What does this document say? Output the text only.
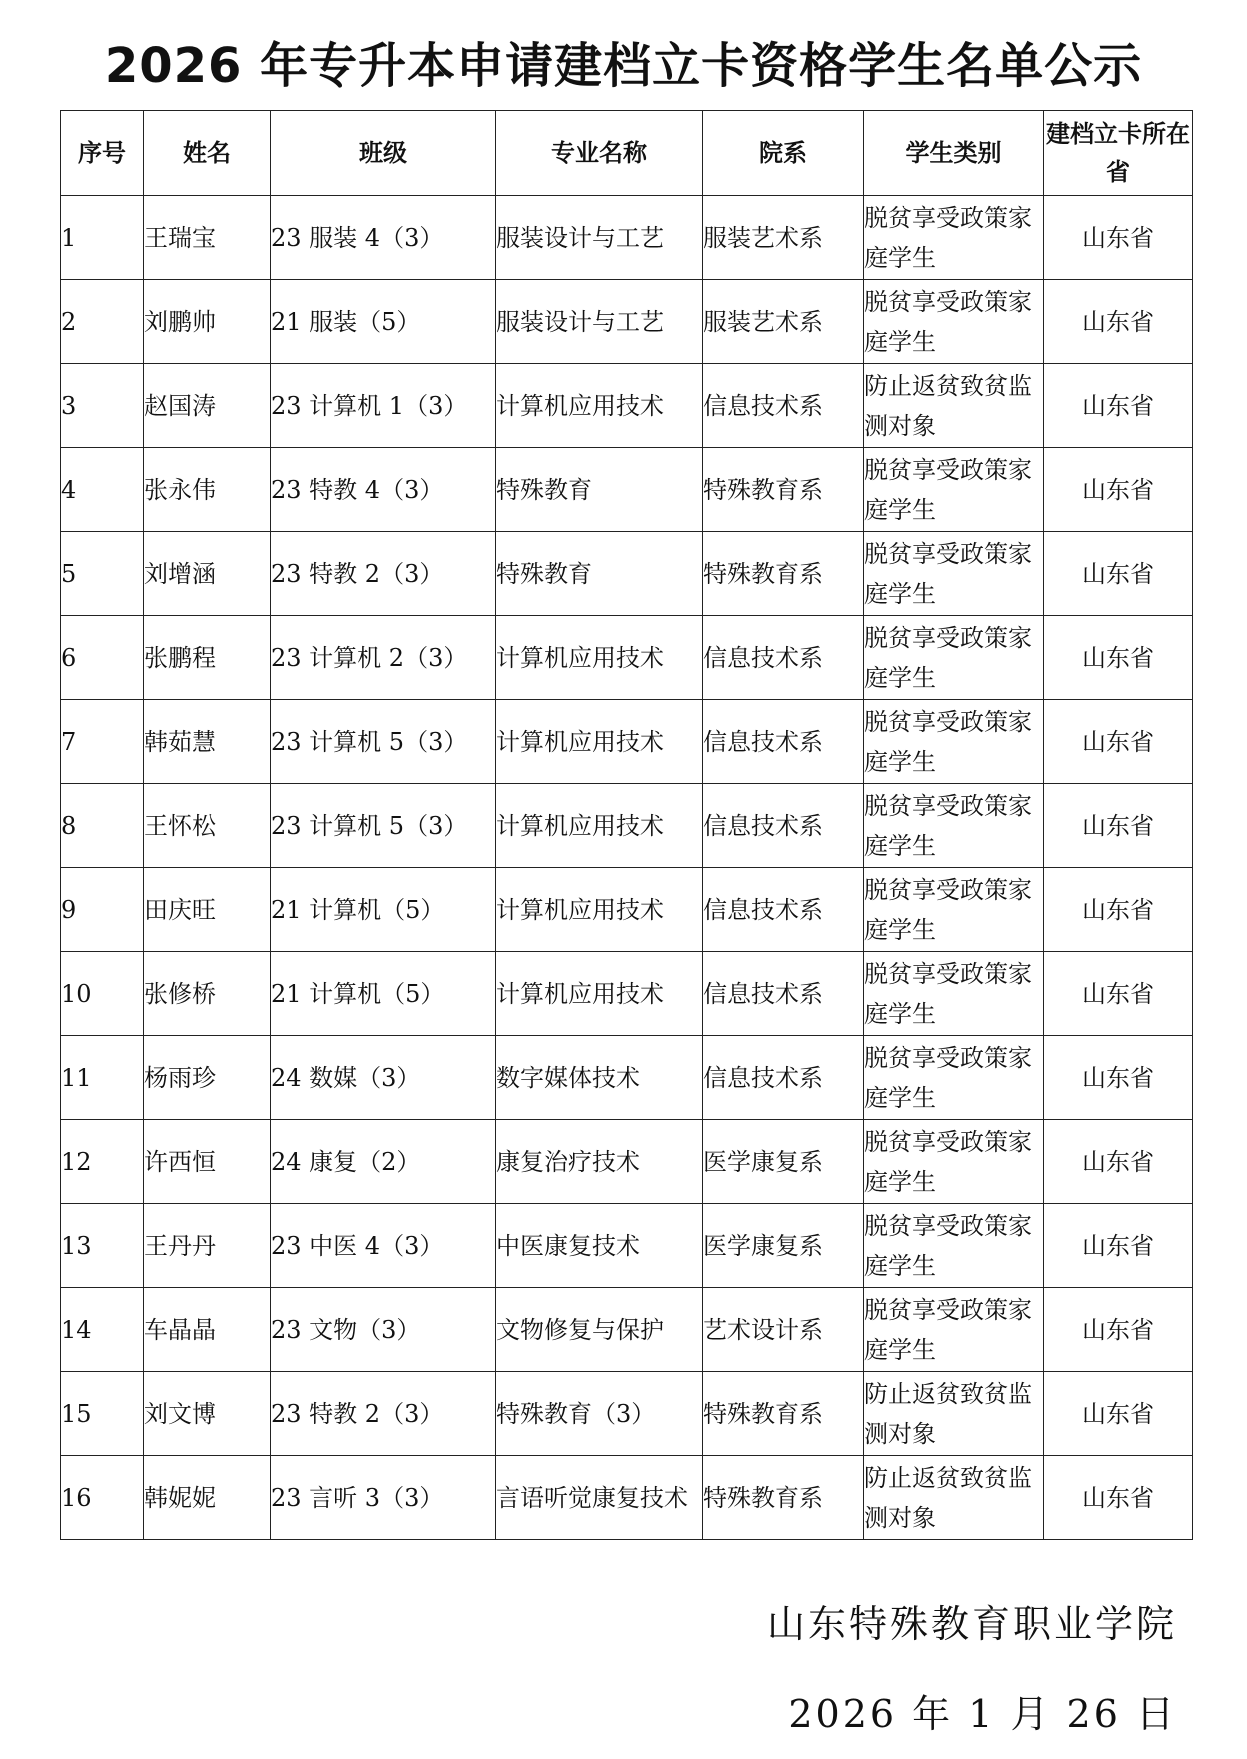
2026 年专升本申请建档立卡资格学生名单公示
序号	姓名	班级	专业名称	院系	学生类别	建档立卡所在省
1	王瑞宝	23 服装 4（3）	服装设计与工艺	服装艺术系	脱贫享受政策家庭学生	山东省
2	刘鹏帅	21 服装（5）	服装设计与工艺	服装艺术系	脱贫享受政策家庭学生	山东省
3	赵国涛	23 计算机 1（3）	计算机应用技术	信息技术系	防止返贫致贫监测对象	山东省
4	张永伟	23 特教 4（3）	特殊教育	特殊教育系	脱贫享受政策家庭学生	山东省
5	刘增涵	23 特教 2（3）	特殊教育	特殊教育系	脱贫享受政策家庭学生	山东省
6	张鹏程	23 计算机 2（3）	计算机应用技术	信息技术系	脱贫享受政策家庭学生	山东省
7	韩茹慧	23 计算机 5（3）	计算机应用技术	信息技术系	脱贫享受政策家庭学生	山东省
8	王怀松	23 计算机 5（3）	计算机应用技术	信息技术系	脱贫享受政策家庭学生	山东省
9	田庆旺	21 计算机（5）	计算机应用技术	信息技术系	脱贫享受政策家庭学生	山东省
10	张修桥	21 计算机（5）	计算机应用技术	信息技术系	脱贫享受政策家庭学生	山东省
11	杨雨珍	24 数媒（3）	数字媒体技术	信息技术系	脱贫享受政策家庭学生	山东省
12	许西恒	24 康复（2）	康复治疗技术	医学康复系	脱贫享受政策家庭学生	山东省
13	王丹丹	23 中医 4（3）	中医康复技术	医学康复系	脱贫享受政策家庭学生	山东省
14	车晶晶	23 文物（3）	文物修复与保护	艺术设计系	脱贫享受政策家庭学生	山东省
15	刘文博	23 特教 2（3）	特殊教育（3）	特殊教育系	防止返贫致贫监测对象	山东省
16	韩妮妮	23 言听 3（3）	言语听觉康复技术	特殊教育系	防止返贫致贫监测对象	山东省
山东特殊教育职业学院
2026 年 1 月 26 日
